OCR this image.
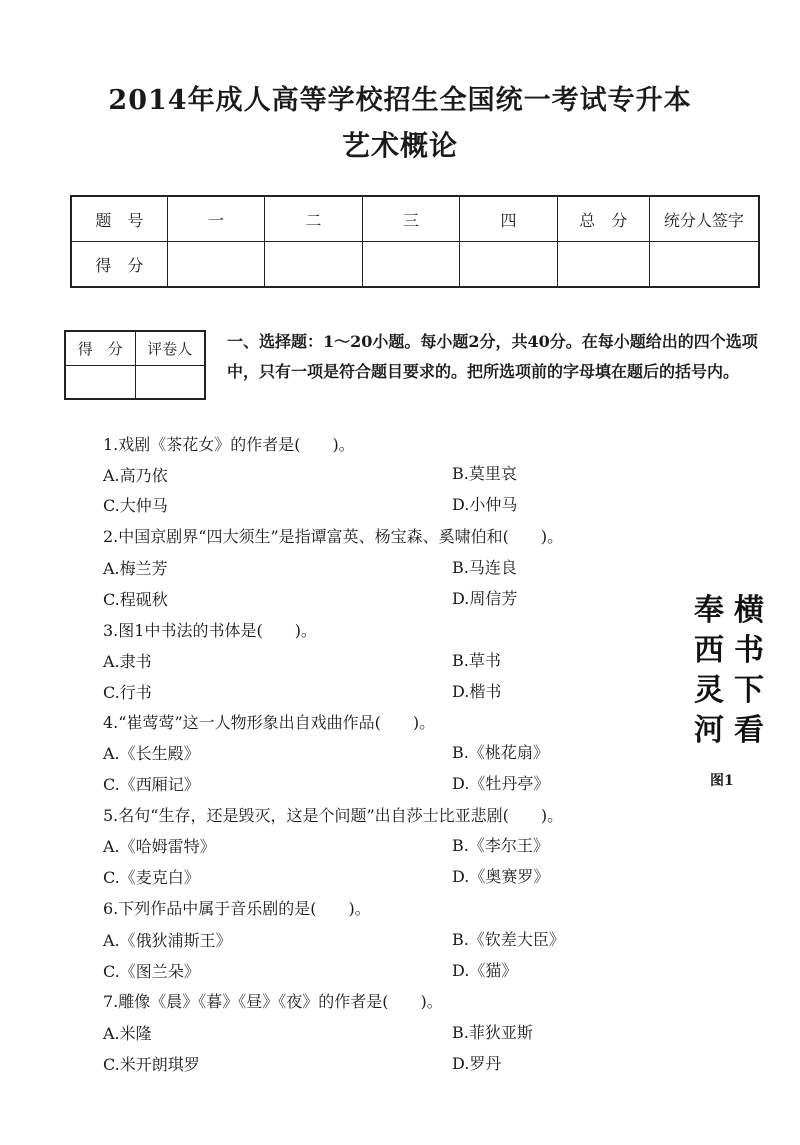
2014年成人高等学校招生全国统一考试专升本
艺术概论
题　号	一	二	三	四	总　分	统分人签字
得　分						
得　分	评卷人
	一、选择题：1～20小题。每小题2分，共40分。在每小题给出的四个选项中，只有一项是符合题目要求的。把所选项前的字母填在题后的括号内。
1.戏剧《茶花女》的作者是(　　)。
A.高乃依	B.莫里哀
C.大仲马	D.小仲马
2.中国京剧界“四大须生”是指谭富英、杨宝森、奚啸伯和(　　)。
A.梅兰芳	B.马连良
C.程砚秋	D.周信芳
3.图1中书法的书体是(　　)。
A.隶书	B.草书
C.行书	D.楷书
4.“崔莺莺”这一人物形象出自戏曲作品(　　)。
A.《长生殿》	B.《桃花扇》
C.《西厢记》	D.《牡丹亭》
5.名句“生存，还是毁灭，这是个问题”出自莎士比亚悲剧(　　)。
A.《哈姆雷特》	B.《李尔王》
C.《麦克白》	D.《奥赛罗》
6.下列作品中属于音乐剧的是(　　)。
A.《俄狄浦斯王》	B.《钦差大臣》
C.《图兰朵》	D.《猫》
7.雕像《晨》《暮》《昼》《夜》的作者是(　　)。
A.米隆	B.菲狄亚斯
C.米开朗琪罗	D.罗丹
横
书
下
看
奉
西
灵
河
图1
